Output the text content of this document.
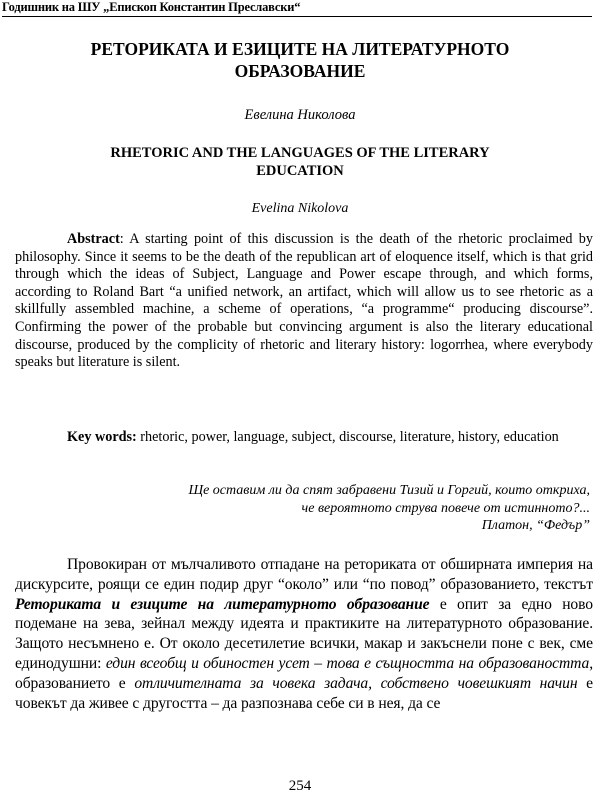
Годишник на ШУ „Епископ Константин Преславски“
РЕТОРИКАТА И ЕЗИЦИТЕ НА ЛИТЕРАТУРНОТО
ОБРАЗОВАНИЕ
Евелина Николова
RHETORIC AND THE LANGUAGES OF THE LITERARY
EDUCATION
Evelina Nikolova

Abstract: A starting point of this discussion is the death of the rhetoric proclaimed by philosophy. Since it seems to be the death of the republican art of eloquence itself, which is that grid through which the ideas of Subject, Language and Power escape through, and which forms, according to Roland Bart “a unified network, an artifact, which will allow us to see rhetoric as a skillfully assembled machine, a scheme of operations, “a programme“ producing discourse”. Confirming the power of the probable but convincing argument is also the literary educational discourse, produced by the complicity of rhetoric and literary history: logorrhea, where everybody speaks but literature is silent.

Key words: rhetoric, power, language, subject, discourse, literature, history, education

Ще оставим ли да спят забравени Тизий и Горгий, които откриха,
че вероятното струва повече от истинното?...
Платон, “Федър”

Провокиран от мълчаливото отпадане на реториката от обширната империя на дискурсите, роящи се един подир друг “около” или “по повод” образованието, текстът Реториката и езиците на литературното образование е опит за едно ново подемане на зева, зейнал между идеята и практиките на литературното образование. Защото несъмнено е. От около десетилетие всички, макар и закъснели поне с век, сме единодушни: един всеобщ и обиностен усет – това е същността на образоваността, образованието е отличителната за човека задача, собствено човешкият начин е човекът да живее с другостта – да разпознава себе си в нея, да се

254
